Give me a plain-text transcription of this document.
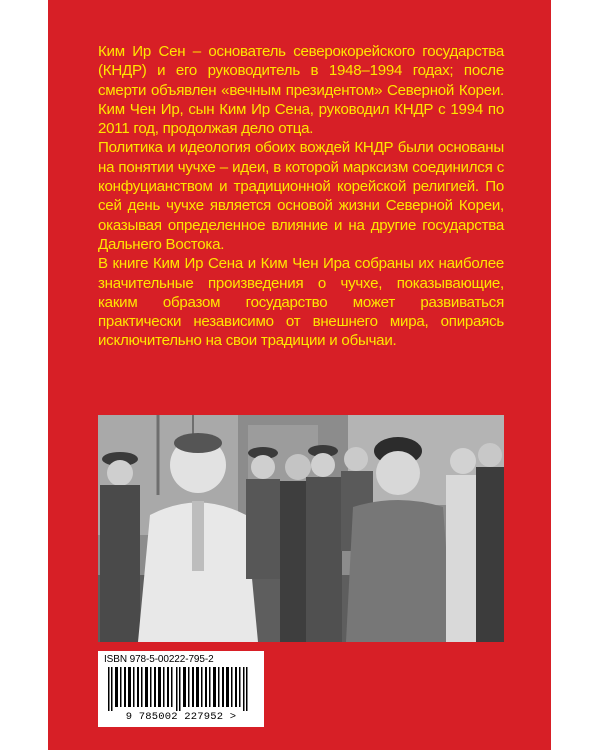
Ким Ир Сен – основатель северокорейского государства (КНДР) и его руководитель в 1948–1994 годах; после смерти объявлен «вечным президентом» Северной Кореи. Ким Чен Ир, сын Ким Ир Сена, руководил КНДР с 1994 по 2011 год, продолжая дело отца.

Политика и идеология обоих вождей КНДР были основаны на понятии чучхе – идеи, в которой марксизм соединился с конфуцианством и традиционной корейской религией. По сей день чучхе является основой жизни Северной Кореи, оказывая определенное влияние и на другие государства Дальнего Востока.

В книге Ким Ир Сена и Ким Чен Ира собраны их наиболее значительные произведения о чучхе, показывающие, каким образом государство может развиваться практически независимо от внешнего мира, опираясь исключительно на свои традиции и обычаи.

ISBN 978-5-00222-795-2
9 785002 227952 >
